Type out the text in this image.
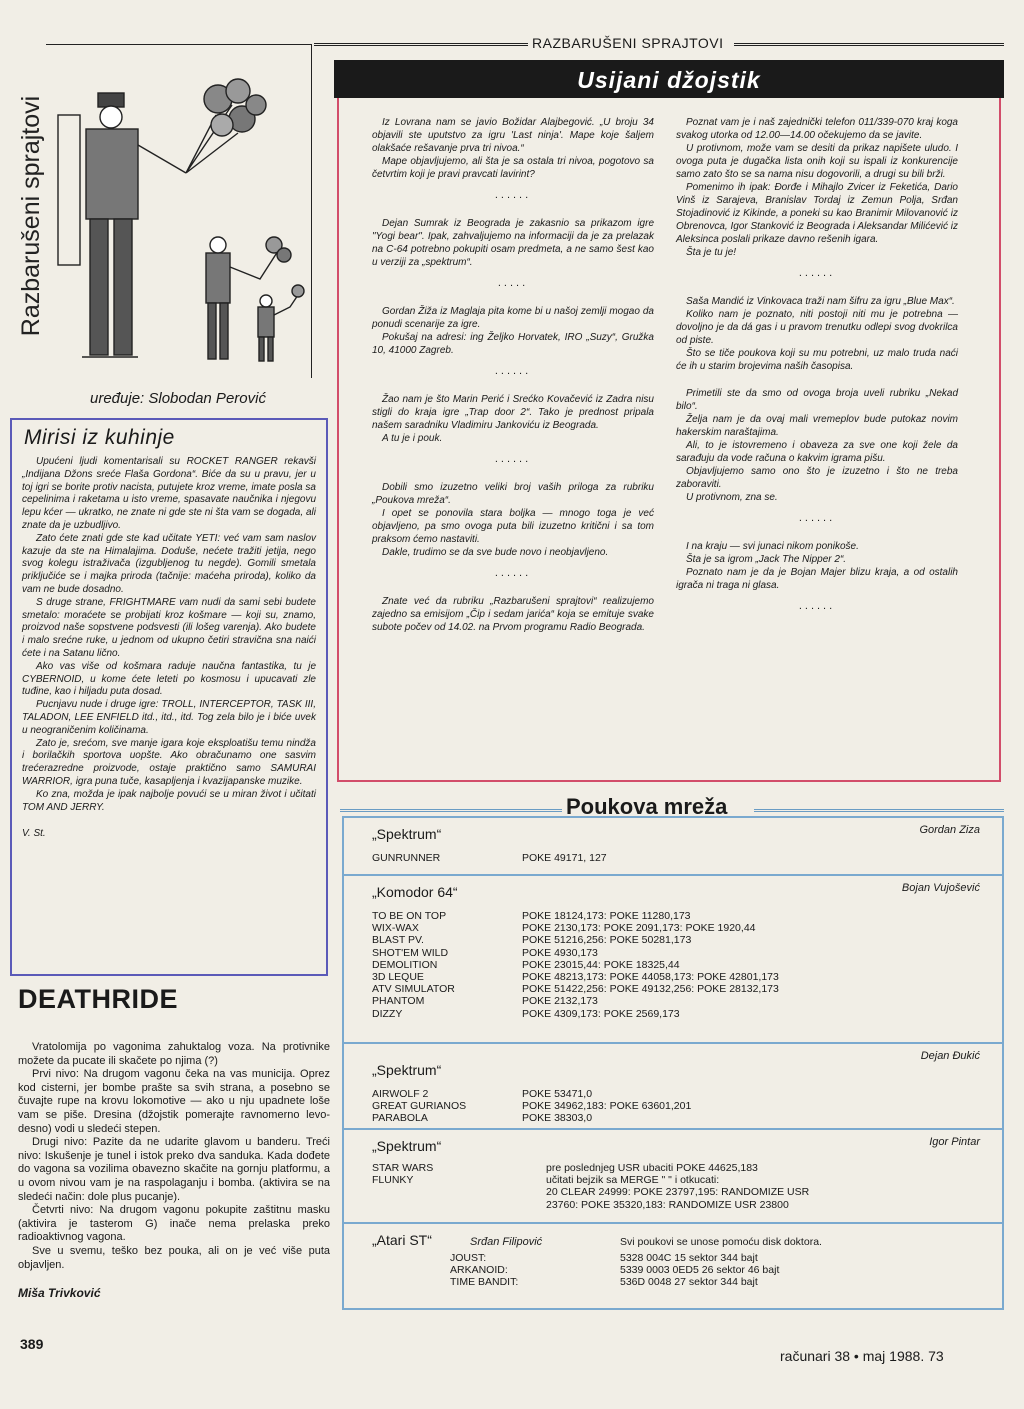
RAZBARUŠENI SPRAJTOVI
Razbarušeni sprajtovi
uređuje: Slobodan Perović
Mirisi iz kuhinje

Upućeni ljudi komentarisali su ROCKET RANGER rekavši „Indijana Džons sreće Flaša Gordona“. Biće da su u pravu, jer u toj igri se borite protiv nacista, putujete kroz vreme, imate posla sa cepelinima i raketama u isto vreme, spasavate naučnika i njegovu lepu kćer — ukratko, ne znate ni gde ste ni šta vam se dogada, ali znate da je uzbudljivo.

Zato ćete znati gde ste kad učitate YETI: već vam sam naslov kazuje da ste na Himalajima. Doduše, nećete tražiti jetija, nego svog kolegu istraživača (izgubljenog tu negde). Gomili smetala priključiće se i majka priroda (tačnije: maćeha priroda), koliko da vam ne bude dosadno.

S druge strane, FRIGHTMARE vam nudi da sami sebi budete smetalo: moraćete se probijati kroz košmare — koji su, znamo, proizvod naše sopstvene podsvesti (ili lošeg varenja). Ako budete i malo srećne ruke, u jednom od ukupno četiri stravična sna naići ćete i na Satanu lično.

Ako vas više od košmara raduje naučna fantastika, tu je CYBERNOID, u kome ćete leteti po kosmosu i upucavati zle tuđine, kao i hiljadu puta dosad.

Pucnjavu nude i druge igre: TROLL, INTERCEPTOR, TASK III, TALADON, LEE ENFIELD itd., itd., itd. Tog zela bilo je i biće uvek u neograničenim količinama.

Zato je, srećom, sve manje igara koje eksploatišu temu nindža i borilačkih sportova uopšte. Ako obračunamo one sasvim trećerazredne proizvode, ostaje praktično samo SAMURAI WARRIOR, igra puna tuče, kasapljenja i kvazijapanske muzike.

Ko zna, možda je ipak najbolje povući se u miran život i učitati TOM AND JERRY.

V. St.
DEATHRIDE

Vratolomija po vagonima zahuktalog voza. Na protivnike možete da pucate ili skačete po njima (?)

Prvi nivo: Na drugom vagonu čeka na vas municija. Oprez kod cisterni, jer bombe prašte sa svih strana, a posebno se čuvajte rupe na krovu lokomotive — ako u nju upadnete loše vam se piše. Dresina (džojstik pomerajte ravnomerno levo-desno) vodi u sledeći stepen.

Drugi nivo: Pazite da ne udarite glavom u banderu. Treći nivo: Iskušenje je tunel i istok preko dva sanduka. Kada dođete do vagona sa vozilima obavezno skačite na gornju platformu, a u ovom nivou vam je na raspolaganju i bomba. (aktivira se na sledeći način: dole plus pucanje).

Četvrti nivo: Na drugom vagonu pokupite zaštitnu masku (aktivira je tasterom G) inače nema prelaska preko radioaktivnog vagona.

Sve u svemu, teško bez pouka, ali on je već više puta objavljen.

Miša Trivković
389
Usijani džojstik

Iz Lovrana nam se javio Božidar Alajbegović. „U broju 34 objavili ste uputstvo za igru 'Last ninja'. Mape koje šaljem olakšaće rešavanje prva tri nivoa.“

Mape objavljujemo, ali šta je sa ostala tri nivoa, pogotovo sa četvrtim koji je pravi pravcati lavirint?

......

Dejan Sumrak iz Beograda je zakasnio sa prikazom igre "Yogi bear". Ipak, zahvaljujemo na informaciji da je za prelazak na C-64 potrebno pokupiti osam predmeta, a ne samo šest kao u verziji za „spektrum“.

.....

Gordan Žiža iz Maglaja pita kome bi u našoj zemlji mogao da ponudi scenarije za igre.

Pokušaj na adresi: ing Željko Horvatek, IRO „Suzy“, Gružka 10, 41000 Zagreb.

......

Žao nam je što Marin Perić i Srećko Kovačević iz Zadra nisu stigli do kraja igre „Trap door 2“. Tako je prednost pripala našem saradniku Vladimiru Jankoviću iz Beograda.

A tu je i pouk.

......

Dobili smo izuzetno veliki broj vaših priloga za rubriku „Poukova mreža“.

I opet se ponovila stara boljka — mnogo toga je već objavljeno, pa smo ovoga puta bili izuzetno kritični i sa tom praksom ćemo nastaviti.

Dakle, trudimo se da sve bude novo i neobjavljeno.

......

Znate već da rubriku „Razbarušeni sprajtovi“ realizujemo zajedno sa emisijom „Čip i sedam jarića“ koja se emituje svake subote počev od 14.02. na Prvom programu Radio Beograda.

Poznat vam je i naš zajednički telefon 011/339-070 kraj koga svakog utorka od 12.00—14.00 očekujemo da se javite.

U protivnom, može vam se desiti da prikaz napišete uludo. I ovoga puta je dugačka lista onih koji su ispali iz konkurencije samo zato što se sa nama nisu dogovorili, a drugi su bili brži.

Pomenimo ih ipak: Đorđe i Mihajlo Zvicer iz Feketića, Dario Vinš iz Sarajeva, Branislav Tordaj iz Zemun Polja, Srđan Stojadinović iz Kikinde, a poneki su kao Branimir Milovanović iz Obrenovca, Igor Stanković iz Beograda i Aleksandar Milićević iz Aleksinca poslali prikaze davno rešenih igara.

Šta je tu je!

......

Saša Mandić iz Vinkovaca traži nam šifru za igru „Blue Max“.

Koliko nam je poznato, niti postoji niti mu je potrebna — dovoljno je da dá gas i u pravom trenutku odlepi svog dvokrilca od piste.

Što se tiče poukova koji su mu potrebni, uz malo truda naći će ih u starim brojevima naših časopisa.

Primetili ste da smo od ovoga broja uveli rubriku „Nekad bilo“.

Želja nam je da ovaj mali vremeplov bude putokaz novim hakerskim naraštajima.

Ali, to je istovremeno i obaveza za sve one koji žele da sarađuju da vode računa o kakvim igrama pišu.

Objavljujemo samo ono što je izuzetno i što ne treba zaboraviti.

U protivnom, zna se.

......

I na kraju — svi junaci nikom ponikoše.

Šta je sa igrom „Jack The Nipper 2“.

Poznato nam je da je Bojan Majer blizu kraja, a od ostalih igrača ni traga ni glasa.

......
Poukova mreža
„Spektrum“	Gordan Ziza
GUNRUNNER	POKE 49171, 127
„Komodor 64“	Bojan Vujošević
TO BE ON TOP	POKE 18124,173: POKE 11280,173
WIX-WAX	POKE 2130,173: POKE 2091,173: POKE 1920,44
BLAST PV.	POKE 51216,256: POKE 50281,173
SHOT'EM WILD	POKE 4930,173
DEMOLITION	POKE 23015,44: POKE 18325,44
3D LEQUE	POKE 48213,173: POKE 44058,173: POKE 42801,173
ATV SIMULATOR	POKE 51422,256: POKE 49132,256: POKE 28132,173
PHANTOM	POKE 2132,173
DIZZY	POKE 4309,173: POKE 2569,173
„Spektrum“
Dejan Đukić
AIRWOLF 2	POKE 53471,0
GREAT GURIANOS	POKE 34962,183: POKE 63601,201
PARABOLA	POKE 38303,0
„Spektrum“	Igor Pintar
STAR WARS	pre poslednjeg USR ubaciti POKE 44625,183
FLUNKY	učitati bejzik sa MERGE " " i otkucati:
20 CLEAR 24999: POKE 23797,195: RANDOMIZE USR
23760: POKE 35320,183: RANDOMIZE USR 23800
„Atari ST“	Srđan Filipović	Svi poukovi se unose pomoću disk doktora.
JOUST:	5328 004C 15 sektor 344 bajt
ARKANOID:	5339 0003 0ED5 26 sektor 46 bajt
TIME BANDIT:	536D 0048 27 sektor 344 bajt
računari 38 • maj 1988. 73
